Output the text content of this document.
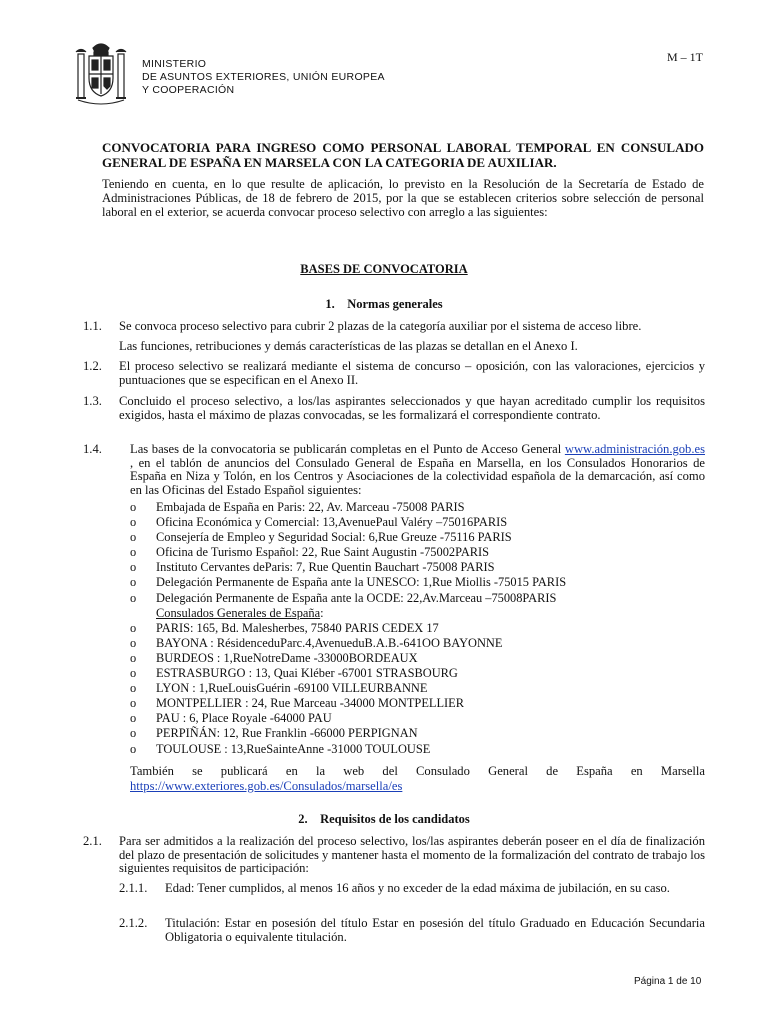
MINISTERIO
DE ASUNTOS EXTERIORES, UNIÓN EUROPEA
Y COOPERACIÓN
M – 1T
CONVOCATORIA PARA INGRESO COMO PERSONAL LABORAL TEMPORAL EN CONSULADO GENERAL DE ESPAÑA EN MARSELA CON LA CATEGORIA DE AUXILIAR.
Teniendo en cuenta, en lo que resulte de aplicación, lo previsto en la Resolución de la Secretaría de Estado de Administraciones Públicas, de 18 de febrero de 2015, por la que se establecen criterios sobre selección de personal laboral en el exterior, se acuerda convocar proceso selectivo con arreglo a las siguientes:
BASES DE CONVOCATORIA
1.    Normas generales
1.1. Se convoca proceso selectivo para cubrir 2 plazas de la categoría auxiliar por el sistema de acceso libre.
Las funciones, retribuciones y demás características de las plazas se detallan en el Anexo I.
1.2. El proceso selectivo se realizará mediante el sistema de concurso – oposición, con las valoraciones, ejercicios y puntuaciones que se especifican en el Anexo II.
1.3. Concluido el proceso selectivo, a los/las aspirantes seleccionados y que hayan acreditado cumplir los requisitos exigidos, hasta el máximo de plazas convocadas, se les formalizará el correspondiente contrato.
1.4. Las bases de la convocatoria se publicarán completas en el Punto de Acceso General www.administración.gob.es , en el tablón de anuncios del Consulado General de España en Marsella, en los Consulados Honorarios de España en Niza y Tolón, en los Centros y Asociaciones de la colectividad española de la demarcación, así como en las Oficinas del Estado Español siguientes:
o Embajada de España en Paris: 22, Av. Marceau -75008 PARIS
o Oficina Económica y Comercial: 13,AvenuePaul Valéry –75016PARIS
o Consejería de Empleo y Seguridad Social: 6,Rue Greuze -75116 PARIS
o Oficina de Turismo Español: 22, Rue Saint Augustin -75002PARIS
o Instituto Cervantes deParis: 7, Rue Quentin Bauchart -75008 PARIS
o Delegación Permanente de España ante la UNESCO: 1,Rue Miollis -75015 PARIS
o Delegación Permanente de España ante la OCDE: 22,Av.Marceau –75008PARIS
Consulados Generales de España:
o PARIS: 165, Bd. Malesherbes, 75840 PARIS CEDEX 17
o BAYONA : RésidenceduParc.4,AvenueduB.A.B.-641OO BAYONNE
o BURDEOS : 1,RueNotreDame -33000BORDEAUX
o ESTRASBURGO : 13, Quai Kléber -67001 STRASBOURG
o LYON : 1,RueLouisGuérin -69100 VILLEURBANNE
o MONTPELLIER : 24, Rue Marceau -34000 MONTPELLIER
o PAU : 6, Place Royale -64000 PAU
o PERPIÑÁN: 12, Rue Franklin -66000 PERPIGNAN
o TOULOUSE : 13,RueSainteAnne -31000 TOULOUSE
También se publicará en la web del Consulado General de España en Marsella
https://www.exteriores.gob.es/Consulados/marsella/es
2.    Requisitos de los candidatos
2.1. Para ser admitidos a la realización del proceso selectivo, los/las aspirantes deberán poseer en el día de finalización del plazo de presentación de solicitudes y mantener hasta el momento de la formalización del contrato de trabajo los siguientes requisitos de participación:
2.1.1. Edad: Tener cumplidos, al menos 16 años y no exceder de la edad máxima de jubilación, en su caso.
2.1.2. Titulación: Estar en posesión del título Estar en posesión del título Graduado en Educación Secundaria Obligatoria o equivalente titulación.
Página 1 de 10
